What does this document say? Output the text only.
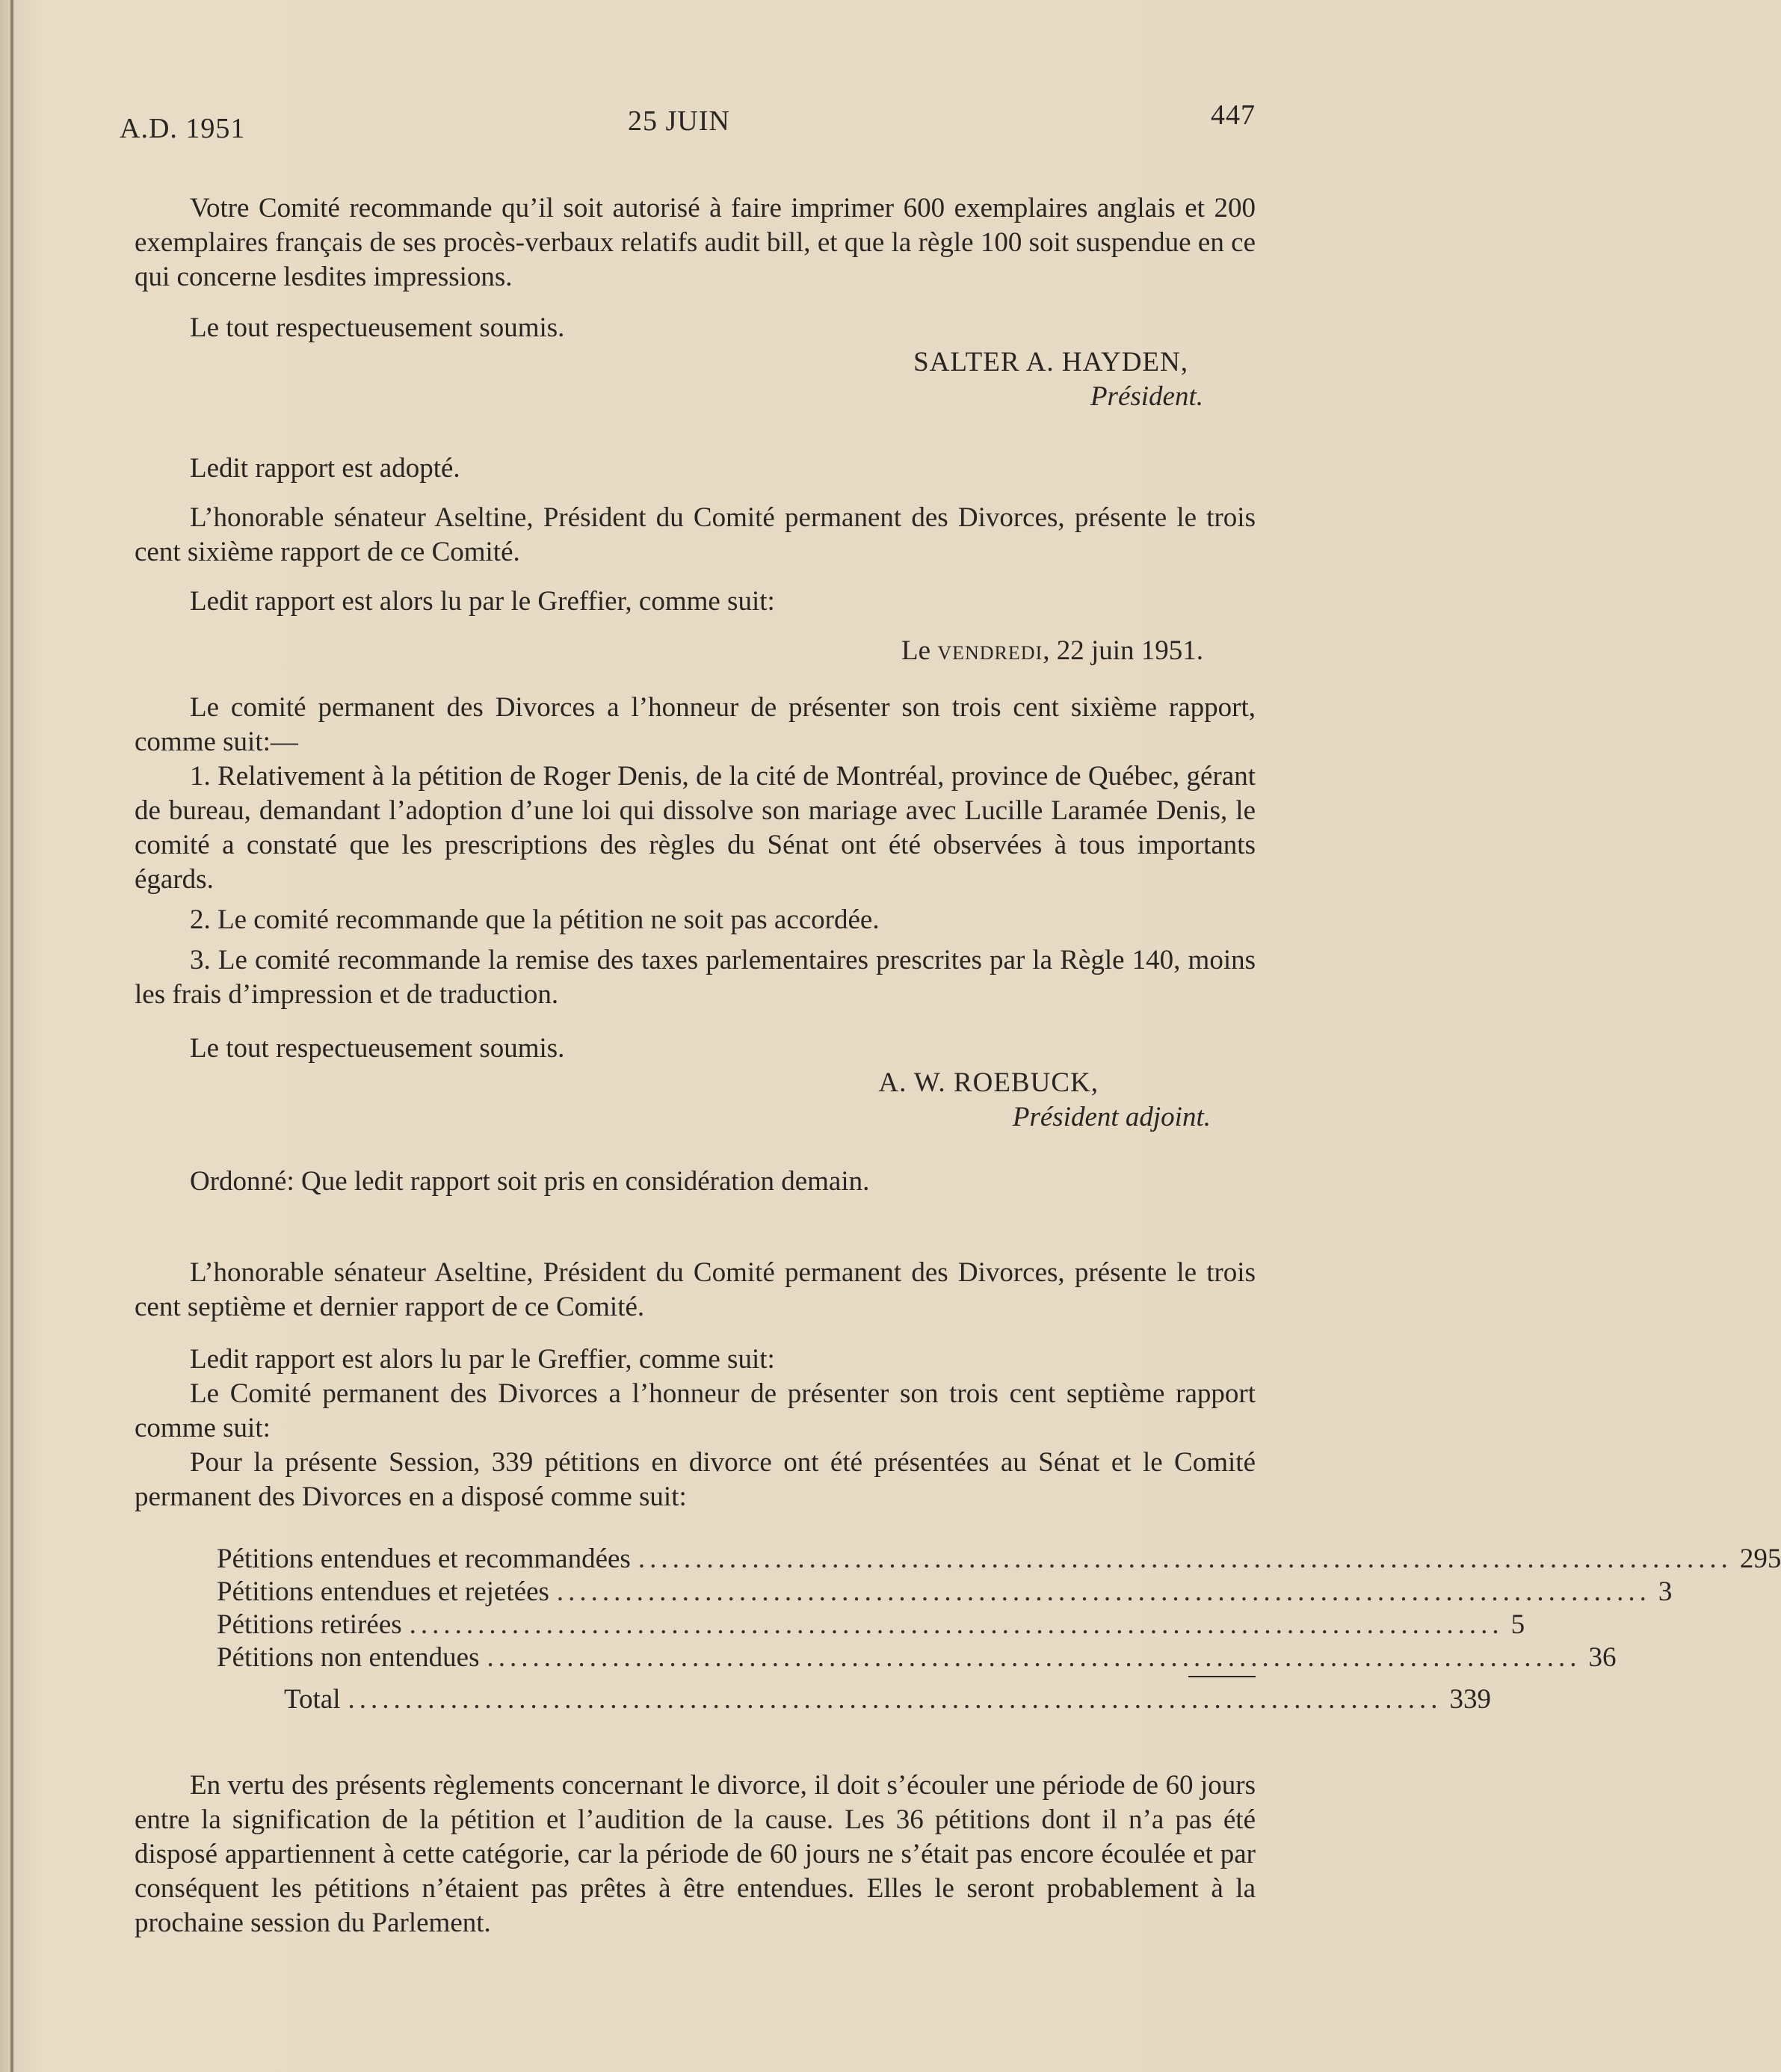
A.D. 1951	25 JUIN	447

Votre Comité recommande qu’il soit autorisé à faire imprimer 600 exemplaires anglais et 200 exemplaires français de ses procès-verbaux relatifs audit bill, et que la règle 100 soit suspendue en ce qui concerne lesdites impressions.

Le tout respectueusement soumis.

SALTER A. HAYDEN,

Président.

Ledit rapport est adopté.

L’honorable sénateur Aseltine, Président du Comité permanent des Divorces, présente le trois cent sixième rapport de ce Comité.

Ledit rapport est alors lu par le Greffier, comme suit:

Le vendredi, 22 juin 1951.

Le comité permanent des Divorces a l’honneur de présenter son trois cent sixième rapport, comme suit:—

1. Relativement à la pétition de Roger Denis, de la cité de Montréal, province de Québec, gérant de bureau, demandant l’adoption d’une loi qui dissolve son mariage avec Lucille Laramée Denis, le comité a constaté que les prescriptions des règles du Sénat ont été observées à tous importants égards.

2. Le comité recommande que la pétition ne soit pas accordée.

3. Le comité recommande la remise des taxes parlementaires prescrites par la Règle 140, moins les frais d’impression et de traduction.

Le tout respectueusement soumis.

A. W. ROEBUCK,

Président adjoint.

Ordonné: Que ledit rapport soit pris en considération demain.

L’honorable sénateur Aseltine, Président du Comité permanent des Divorces, présente le trois cent septième et dernier rapport de ce Comité.

Ledit rapport est alors lu par le Greffier, comme suit:

Le Comité permanent des Divorces a l’honneur de présenter son trois cent septième rapport comme suit:

Pour la présente Session, 339 pétitions en divorce ont été présentées au Sénat et le Comité permanent des Divorces en a disposé comme suit:

Pétitions entendues et recommandées ................................................................................................ 295
Pétitions entendues et rejetées ................................................................................................ 3
Pétitions retirées ................................................................................................ 5
Pétitions non entendues ................................................................................................ 36
Total ................................................................................................ 339

En vertu des présents règlements concernant le divorce, il doit s’écouler une période de 60 jours entre la signification de la pétition et l’audition de la cause. Les 36 pétitions dont il n’a pas été disposé appartiennent à cette catégorie, car la période de 60 jours ne s’était pas encore écoulée et par conséquent les pétitions n’étaient pas prêtes à être entendues. Elles le seront probablement à la prochaine session du Parlement.
